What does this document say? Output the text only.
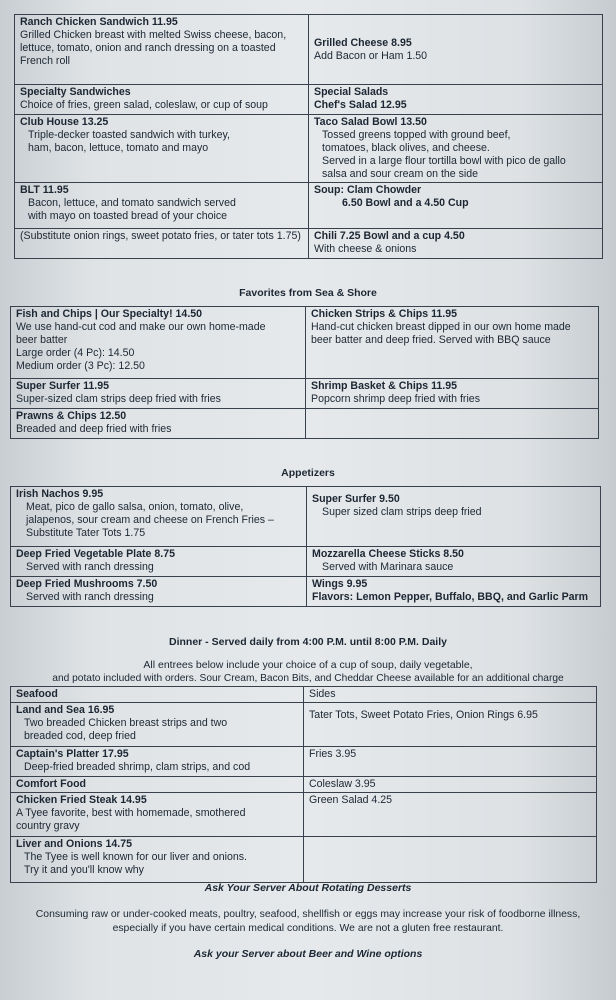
Ranch Chicken Sandwich 11.95
Grilled Chicken breast with melted Swiss cheese, bacon,
lettuce, tomato, onion and ranch dressing on a toasted
French roll	Grilled Cheese 8.95
Add Bacon or Ham 1.50

Specialty Sandwiches
Choice of fries, green salad, coleslaw, or cup of soup	Special Salads
Chef's Salad 12.95

Club House 13.25
Triple-decker toasted sandwich with turkey,
ham, bacon, lettuce, tomato and mayo	Taco Salad Bowl 13.50
Tossed greens topped with ground beef,
tomatoes, black olives, and cheese.
Served in a large flour tortilla bowl with pico de gallo
salsa and sour cream on the side

BLT 11.95
Bacon, lettuce, and tomato sandwich served
with mayo on toasted bread of your choice	Soup: Clam Chowder
6.50 Bowl and a 4.50 Cup

(Substitute onion rings, sweet potato fries, or tater tots 1.75)	Chili 7.25 Bowl and a cup 4.50
With cheese & onions
Favorites from Sea & Shore
Fish and Chips | Our Specialty! 14.50
We use hand-cut cod and make our own home-made
beer batter
Large order (4 Pc): 14.50
Medium order (3 Pc): 12.50	Chicken Strips & Chips 11.95
Hand-cut chicken breast dipped in our own home made
beer batter and deep fried. Served with BBQ sauce

Super Surfer 11.95
Super-sized clam strips deep fried with fries	Shrimp Basket & Chips 11.95
Popcorn shrimp deep fried with fries

Prawns & Chips 12.50
Breaded and deep fried with fries	

Appetizers
Irish Nachos 9.95
Meat, pico de gallo salsa, onion, tomato, olive,
jalapenos, sour cream and cheese on French Fries –
Substitute Tater Tots 1.75	Super Surfer 9.50
Super sized clam strips deep fried

Deep Fried Vegetable Plate 8.75
Served with ranch dressing	Mozzarella Cheese Sticks 8.50
Served with Marinara sauce

Deep Fried Mushrooms 7.50
Served with ranch dressing	Wings 9.95
Flavors: Lemon Pepper, Buffalo, BBQ, and Garlic Parm
Dinner - Served daily from 4:00 P.M. until 8:00 P.M. Daily
All entrees below include your choice of a cup of soup, daily vegetable,
and potato included with orders. Sour Cream, Bacon Bits, and Cheddar Cheese available for an additional charge
Seafood	Sides

Land and Sea 16.95
Two breaded Chicken breast strips and two
breaded cod, deep fried	Tater Tots, Sweet Potato Fries, Onion Rings 6.95

Captain's Platter 17.95
Deep-fried breaded shrimp, clam strips, and cod	Fries 3.95
Comfort Food	Coleslaw 3.95

Chicken Fried Steak 14.95
A Tyee favorite, best with homemade, smothered
country gravy	Green Salad 4.25

Liver and Onions 14.75
The Tyee is well known for our liver and onions.
Try it and you'll know why	

Ask Your Server About Rotating Desserts
Consuming raw or under-cooked meats, poultry, seafood, shellfish or eggs may increase your risk of foodborne illness,
especially if you have certain medical conditions. We are not a gluten free restaurant.
Ask your Server about Beer and Wine options
